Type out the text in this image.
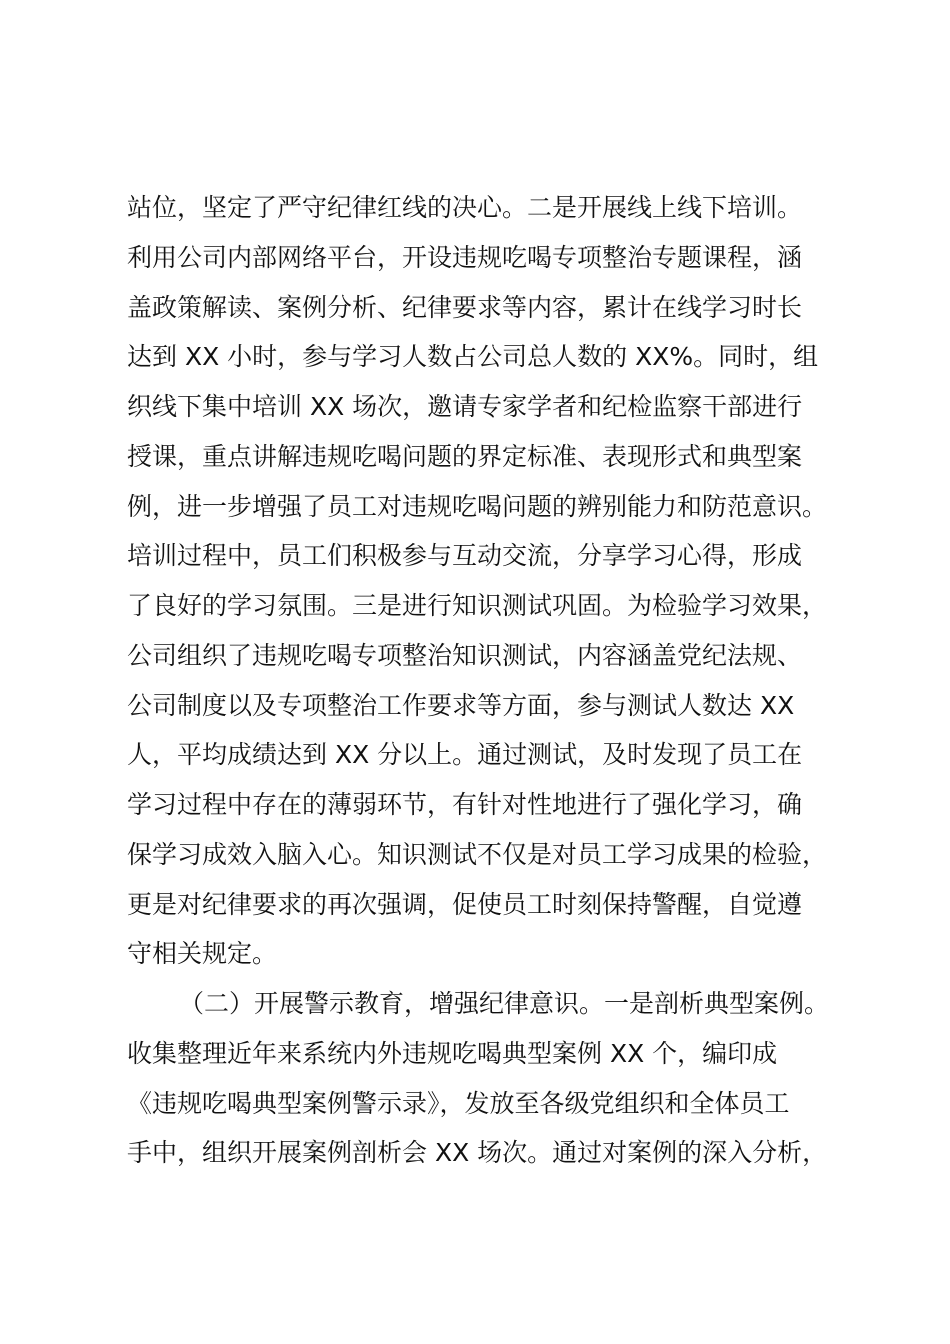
站位，坚定了严守纪律红线的决心。二是开展线上线下培训。
利用公司内部网络平台，开设违规吃喝专项整治专题课程，涵
盖政策解读、案例分析、纪律要求等内容，累计在线学习时长
达到 XX 小时，参与学习人数占公司总人数的 XX%。同时，组
织线下集中培训 XX 场次，邀请专家学者和纪检监察干部进行
授课，重点讲解违规吃喝问题的界定标准、表现形式和典型案
例，进一步增强了员工对违规吃喝问题的辨别能力和防范意识。
培训过程中，员工们积极参与互动交流，分享学习心得，形成
了良好的学习氛围。三是进行知识测试巩固。为检验学习效果，
公司组织了违规吃喝专项整治知识测试，内容涵盖党纪法规、
公司制度以及专项整治工作要求等方面，参与测试人数达 XX
人，平均成绩达到 XX 分以上。通过测试，及时发现了员工在
学习过程中存在的薄弱环节，有针对性地进行了强化学习，确
保学习成效入脑入心。知识测试不仅是对员工学习成果的检验，
更是对纪律要求的再次强调，促使员工时刻保持警醒，自觉遵
守相关规定。
（二）开展警示教育，增强纪律意识。一是剖析典型案例。
收集整理近年来系统内外违规吃喝典型案例 XX 个，编印成
《违规吃喝典型案例警示录》，发放至各级党组织和全体员工
手中，组织开展案例剖析会 XX 场次。通过对案例的深入分析，
